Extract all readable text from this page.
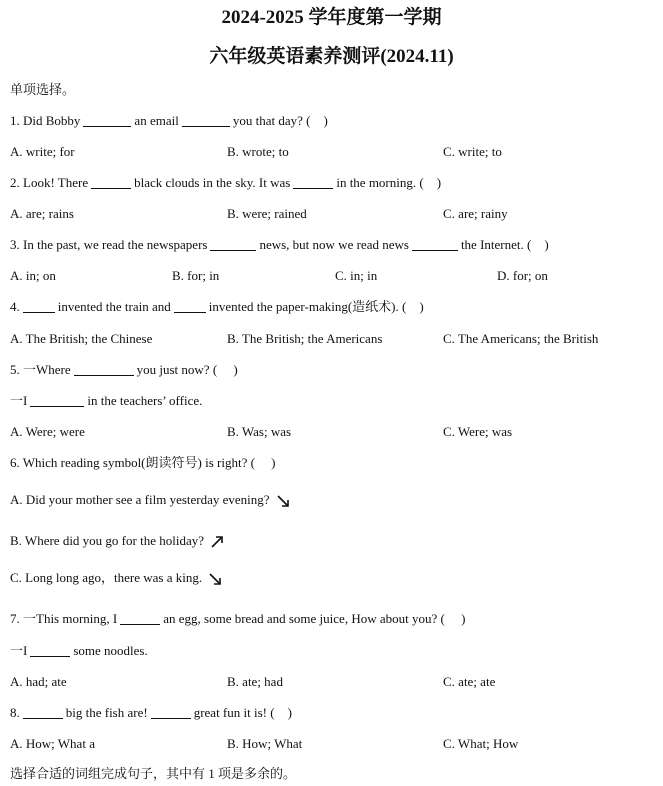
2024-2025 学年度第一学期
六年级英语素养测评(2024.11)
单项选择。
1. Did Bobby	an email	you that day? ( )
A. write; for	B. wrote; to	C. write; to
2. Look! There	black clouds in the sky. It was	in the morning. ( )
A. are; rains	B. were; rained	C. are; rainy
3. In the past, we read the newspapers	news, but now we read news	the Internet. ( )
A. in; on	B. for; in	C. in; in	D. for; on
4.	invented the train and	invented the paper-making(造纸术). ( )
A. The British; the Chinese	B. The British; the Americans	C. The Americans; the British
5. 一Where	you just now? ( )
一I	in the teachers’ office.
A. Were; were	B. Was; was	C. Were; was
6. Which reading symbol(朗读符号) is right? ( )
A. Did your mother see a film yesterday evening?
B. Where did you go for the holiday?
C. Long long ago，there was a king.
7. 一This morning, I	an egg, some bread and some juice, How about you? ( )
一I	some noodles.
A. had; ate	B. ate; had	C. ate; ate
8.	big the fish are!	great fun it is! ( )
A. How; What a	B. How; What	C. What; How
选择合适的词组完成句子，其中有 1 项是多余的。
